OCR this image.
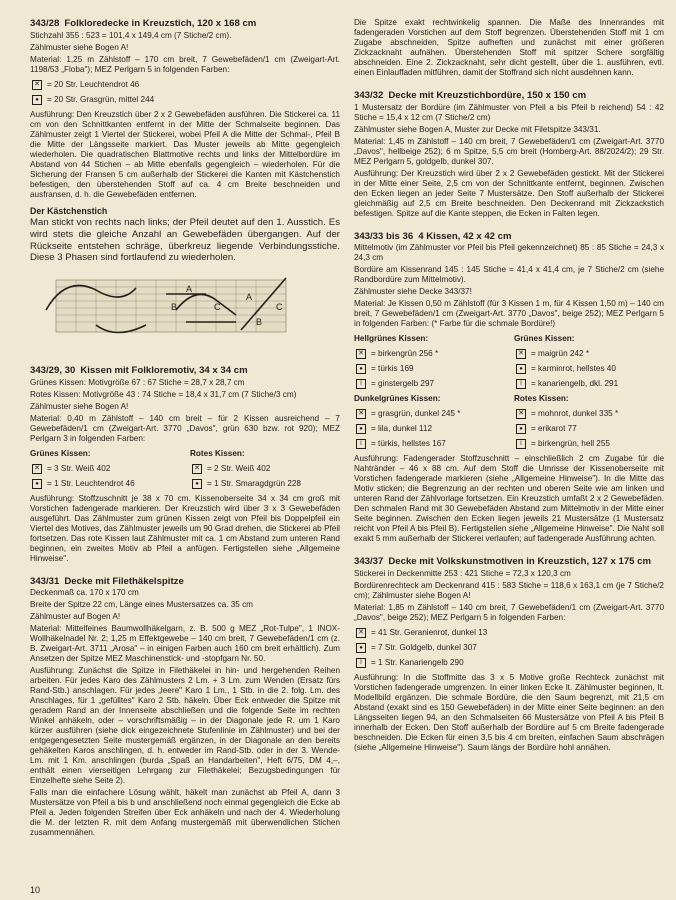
343/28 Folkloredecke in Kreuzstich, 120 x 168 cm

Stichzahl 355 : 523 = 101,4 x 149,4 cm (7 Stiche/2 cm).

Zählmuster siehe Bogen A!

Material: 1,25 m Zählstoff – 170 cm breit, 7 Gewebefäden/1 cm (Zweigart-Art. 1198/53 „Floba"); MEZ Perlgarn 5 in folgenden Farben:

✕
= 20 Str. Leuchtendrot 46
●
= 20 Str. Grasgrün, mittel 244

Ausführung: Den Kreuzstich über 2 x 2 Gewebefäden ausführen. Die Stickerei ca. 11 cm von den Schnittkanten entfernt in der Mitte der Schmalseite beginnen. Das Zählmuster zeigt 1 Viertel der Stickerei, wobei Pfeil A die Mitte der Schmal-, Pfeil B die Mitte der Längsseite markiert. Das Muster jeweils ab Mitte gegengleich wiederholen. Die quadratischen Blattmotive rechts und links der Mittelbordüre im Abstand von 44 Stichen – ab Mitte ebenfalls gegengleich – wiederholen. Für die Sicherung der Fransen 5 cm außerhalb der Stickerei die Kanten mit Kästchenstich befestigen, den überstehenden Stoff auf ca. 4 cm Breite beschneiden und ausfransen, d. h. die Gewebefäden entfernen.

Der Kästchenstich

Man stickt von rechts nach links; der Pfeil deutet auf den 1. Ausstich. Es wird stets die gleiche Anzahl an Gewebefäden übergangen. Auf der Rückseite entstehen schräge, überkreuz liegende Verbindungsstiche. Diese 3 Phasen sind fortlaufend zu wiederholen.

A
A
B
B
C	C
343/29, 30 Kissen mit Folkloremotiv, 34 x 34 cm

Grünes Kissen: Motivgröße 67 : 67 Stiche = 28,7 x 28,7 cm

Rotes Kissen: Motivgröße 43 : 74 Stiche = 18,4 x 31,7 cm (7 Stiche/3 cm)

Zählmuster siehe Bogen A!

Material: 0,40 m Zählstoff – 140 cm breit – für 2 Kissen ausreichend – 7 Gewebefäden/1 cm (Zweigart-Art. 3770 „Davos", grün 630 bzw. rot 920); MEZ Perlgarn 3 in folgenden Farben:

Grünes Kissen:
✕
= 3 Str. Weiß 402
●
= 1 Str. Leuchtendrot 46
Rotes Kissen:
✕
= 2 Str. Weiß 402
●
= 1 Str. Smaragdgrün 228

Ausführung: Stoffzuschnitt je 38 x 70 cm. Kissenoberseite 34 x 34 cm groß mit Vorstichen fadengerade markieren. Der Kreuzstich wird über 3 x 3 Gewebefäden ausgeführt. Das Zählmuster zum grünen Kissen zeigt von Pfeil bis Doppelpfeil ein Viertel des Motives, das Zählmuster jeweils um 90 Grad drehen, die Stickerei ab Pfeil fortsetzen. Das rote Kissen laut Zählmuster mit ca. 1 cm Abstand zum unteren Rand beginnen, ein zweites Motiv ab Pfeil a anfügen. Fertigstellen siehe „Allgemeine Hinweise".

343/31 Decke mit Filethäkelspitze

Deckenmaß ca. 170 x 170 cm

Breite der Spitze 22 cm, Länge eines Mustersatzes ca. 35 cm

Zählmuster auf Bogen A!

Material: Mittelfeines Baumwollhäkelgarn, z. B. 500 g MEZ „Rot-Tulpe", 1 INOX-Wollhäkelnadel Nr. 2; 1,25 m Effektgewebe – 140 cm breit, 7 Gewebefäden/1 cm (z. B. Zweigart-Art. 3711 „Arosa" – in einigen Farben auch 160 cm breit erhältlich). Zum Ansetzen der Spitze MEZ Maschinenstick- und -stopfgarn Nr. 50.

Ausführung: Zunächst die Spitze in Filethäkelei in hin- und hergehenden Reihen arbeiten. Für jedes Karo des Zählmusters 2 Lm. + 3 Lm. zum Wenden (Ersatz fürs Rand-Stb.) anschlagen. Für jedes „leere" Karo 1 Lm., 1 Stb. in die 2. folg. Lm. des Anschlages, für 1 „gefülltes" Karo 2 Stb. häkeln. Über Eck entweder die Spitze mit geradem Rand an der Innenseite abschließen und die folgende Seite im rechten Winkel anhäkeln, oder – vorschriftsmäßig – in der Diagonale jede R. um 1 Karo kürzer ausführen (siehe dick eingezeichnete Stufenlinie im Zählmuster) und bei der entgegengesetzten Seite mustergemäß ergänzen, in der Diagonale an den bereits gehäkelten Karos anschlingen, d. h. entweder im Rand-Stb. oder in der 3. Wende-Lm. mit 1 Km. anschlingen (burda „Spaß an Handarbeiten", Heft 6/75, DM 4,–, enthält einen vierseitigen Lehrgang zur Filethäkelei; Bezugsbedingungen für Einzelhefte siehe Seite 2).

Falls man die einfachere Lösung wählt, häkelt man zunächst ab Pfeil A, dann 3 Mustersätze von Pfeil a bis b und anschließend noch einmal gegengleich die Ecke ab Pfeil a. Jeden folgenden Streifen über Eck anhäkeln und nach der 4. Wiederholung die M. der letzten R. mit dem Anfang mustergemäß mit überwendlichen Stichen zusammennähen.

Die Spitze exakt rechtwinkelig spannen. Die Maße des Innenrandes mit fadengeraden Vorstichen auf dem Stoff begrenzen. Überstehenden Stoff mit 1 cm Zugabe abschneiden, Spitze aufheften und zunächst mit einer größeren Zickzacknaht aufnähen. Überstehenden Stoff mit spitzer Schere sorgfältig abschneiden. Eine 2. Zickzacknaht, sehr dicht gestellt, über die 1. ausführen, evtl. einen Einlauffaden mitführen, damit der Stoffrand sich nicht ausdehnen kann.

343/32 Decke mit Kreuzstichbordüre, 150 x 150 cm

1 Mustersatz der Bordüre (im Zählmuster von Pfeil a bis Pfeil b reichend) 54 : 42 Stiche = 15,4 x 12 cm (7 Stiche/2 cm)

Zählmuster siehe Bogen A, Muster zur Decke mit Filetspitze 343/31.

Material: 1,45 m Zählstoff – 140 cm breit, 7 Gewebefäden/1 cm (Zweigart-Art. 3770 „Davos", hellbeige 252); 6 m Spitze, 5,5 cm breit (Homberg-Art. 88/2024/2); 29 Str. MEZ Perlgarn 5, goldgelb, dunkel 307.

Ausführung: Der Kreuzstich wird über 2 x 2 Gewebefäden gestickt. Mit der Stickerei in der Mitte einer Seite, 2,5 cm von der Schnittkante entfernt, beginnen. Zwischen den Ecken liegen an jeder Seite 7 Mustersätze. Den Stoff außerhalb der Stickerei gleichmäßig auf 2,5 cm Breite beschneiden. Den Deckenrand mit Zickzackstich befestigen. Spitze auf die Kante steppen, die Ecken in Falten legen.

343/33 bis 36 4 Kissen, 42 x 42 cm

Mittelmotiv (im Zählmuster vor Pfeil bis Pfeil gekennzeichnet) 85 : 85 Stiche = 24,3 x 24,3 cm

Bordüre am Kissenrand 145 : 145 Stiche = 41,4 x 41,4 cm, je 7 Stiche/2 cm (siehe Randbordüre zum Mittelmotiv).

Zählmuster siehe Decke 343/37!

Material: Je Kissen 0,50 m Zählstoff (für 3 Kissen 1 m, für 4 Kissen 1,50 m) – 140 cm breit, 7 Gewebefäden/1 cm (Zweigart-Art. 3770 „Davos", beige 252); MEZ Perlgarn 5 in folgenden Farben: (* Farbe für die schmale Bordüre!)

Hellgrünes Kissen:
✕
= birkengrün 256 *
●
= türkis 169
I
= ginstergelb 297
Dunkelgrünes Kissen:
✕
= grasgrün, dunkel 245 *
●
= lila, dunkel 112
I
= türkis, hellstes 167
Grünes Kissen:
✕
= maigrün 242 *
●
= karminrot, hellstes 40
I
= kanariengelb, dkl. 291
Rotes Kissen:
✕
= mohnrot, dunkel 335 *
●
= erikarot 77
I
= birkengrün, hell 255

Ausführung: Fadengerader Stoffzuschnitt – einschließlich 2 cm Zugabe für die Nahtränder – 46 x 88 cm. Auf dem Stoff die Umrisse der Kissenoberseite mit Vorstichen fadengerade markieren (siehe „Allgemeine Hinweise"). In die Mitte das Motiv sticken; die Begrenzung an der rechten und oberen Seite wie am linken und unteren Rand der Zählvorlage fortsetzen. Ein Kreuzstich umfaßt 2 x 2 Gewebefäden. Den schmalen Rand mit 30 Gewebefäden Abstand zum Mittelmotiv in der Mitte einer Seite beginnen. Zwischen den Ecken liegen jeweils 21 Mustersätze (1 Mustersatz reicht von Pfeil A bis Pfeil B). Fertigstellen siehe „Allgemeine Hinweise". Die Naht soll exakt 5 mm außerhalb der Stickerei verlaufen; auf fadengerade Ausführung achten.

343/37 Decke mit Volkskunstmotiven in Kreuzstich, 127 x 175 cm

Stickerei in Deckenmitte 253 : 421 Stiche = 72,3 x 120,3 cm

Bordürenrechteck am Deckenrand 415 : 583 Stiche = 118,6 x 163,1 cm (je 7 Stiche/2 cm); Zählmuster siehe Bogen A!

Material: 1,85 m Zählstoff – 140 cm breit, 7 Gewebefäden/1 cm (Zweigart-Art. 3770 „Davos", beige 252); MEZ Perlgarn 5 in folgenden Farben:

✕
= 41 Str. Geranienrot, dunkel 13
●
= 7 Str. Goldgelb, dunkel 307
I
= 1 Str. Kanariengelb 290

Ausführung: In die Stoffmitte das 3 x 5 Motive große Rechteck zunächst mit Vorstichen fadengerade umgrenzen. In einer linken Ecke lt. Zählmuster beginnen, lt. Modellbild ergänzen. Die schmale Bordüre, die den Saum begrenzt, mit 21,5 cm Abstand (exakt sind es 150 Gewebefäden) in der Mitte einer Seite beginnen: an den Längsseiten liegen 94, an den Schmalseiten 66 Mustersätze von Pfeil A bis Pfeil B innerhalb der Ecken. Den Stoff außerhalb der Bordüre auf 5 cm Breite fadengerade beschneiden. Die Ecken für einen 3,5 bis 4 cm breiten, einfachen Saum abschrägen (siehe „Allgemeine Hinweise"). Saum längs der Bordüre hohl annähen.

10
